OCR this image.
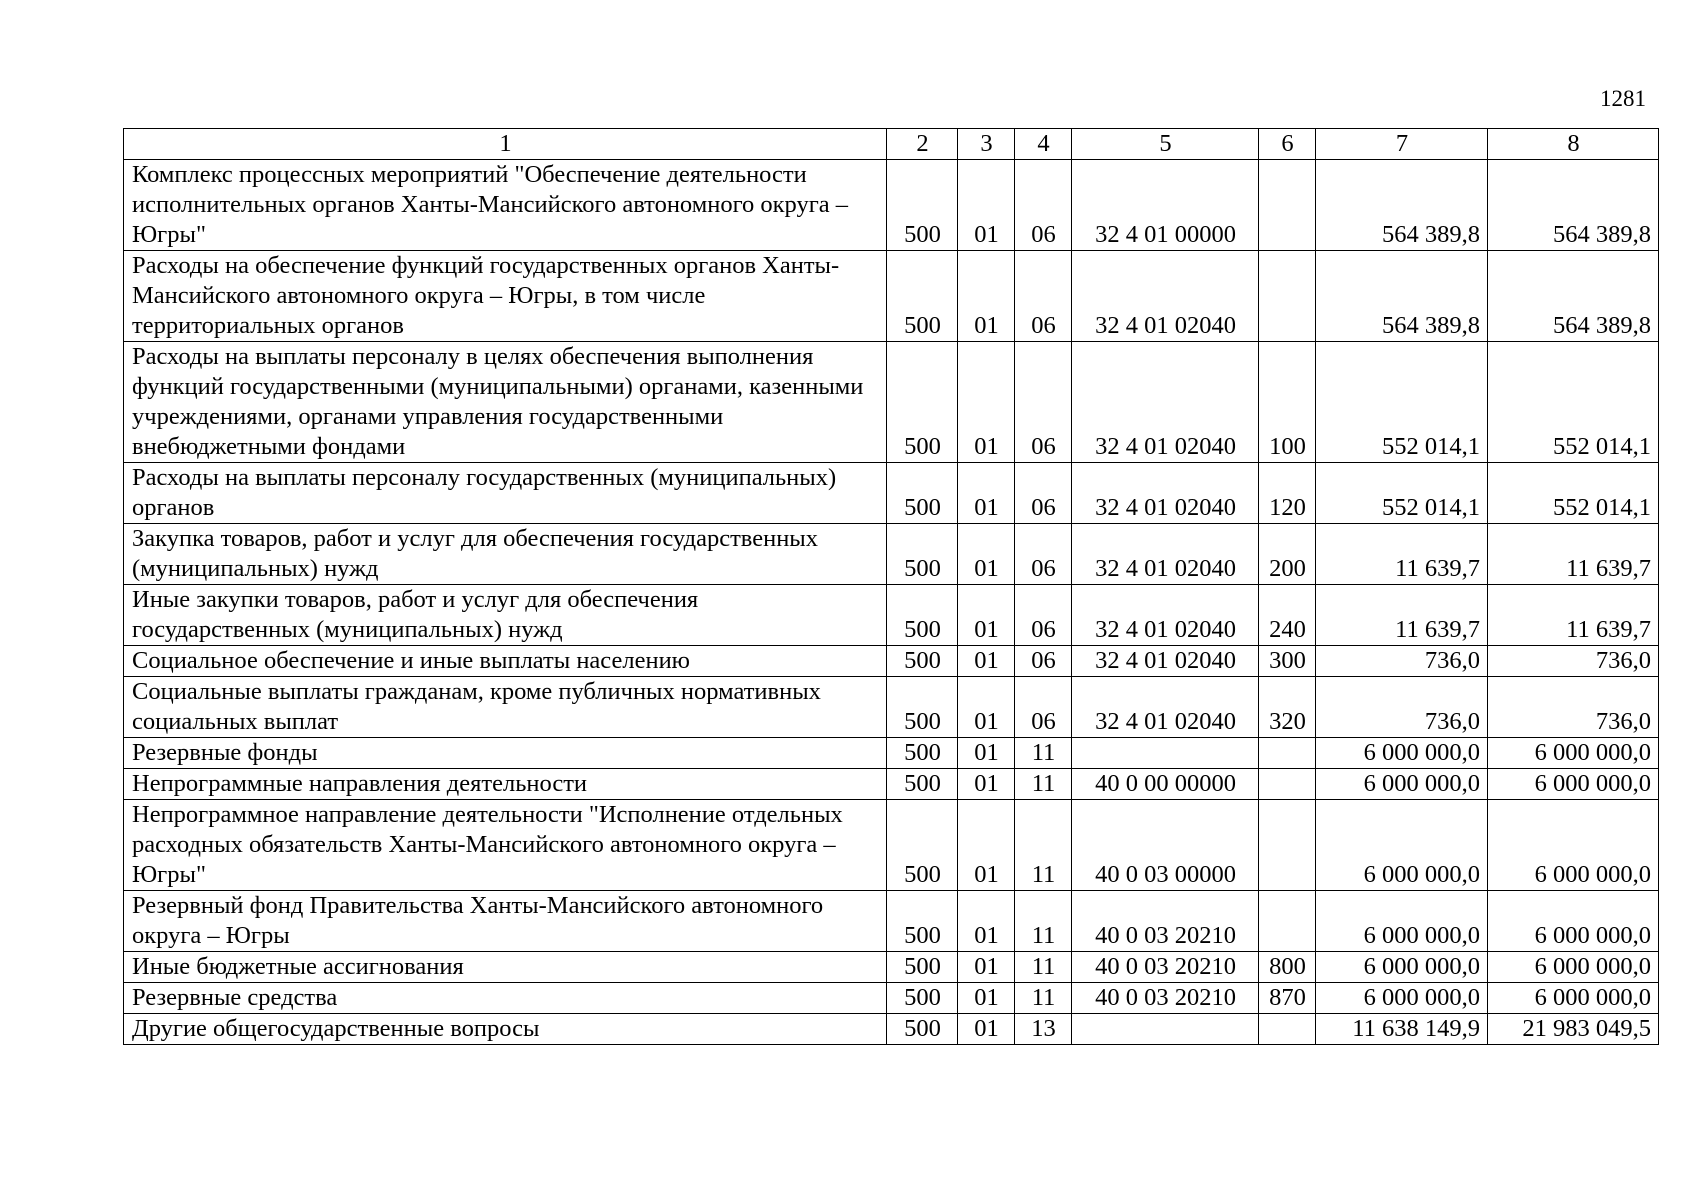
1281
1	2	3	4	5	6	7	8
Комплекс процессных мероприятий "Обеспечение деятельности исполнительных органов Ханты-Мансийского автономного округа – Югры"	500	01	06	32 4 01 00000		564 389,8	564 389,8
Расходы на обеспечение функций государственных органов Ханты-Мансийского автономного округа – Югры, в том числе территориальных органов	500	01	06	32 4 01 02040		564 389,8	564 389,8
Расходы на выплаты персоналу в целях обеспечения выполнения функций государственными (муниципальными) органами, казенными учреждениями, органами управления государственными внебюджетными фондами	500	01	06	32 4 01 02040	100	552 014,1	552 014,1
Расходы на выплаты персоналу государственных (муниципальных) органов	500	01	06	32 4 01 02040	120	552 014,1	552 014,1
Закупка товаров, работ и услуг для обеспечения государственных (муниципальных) нужд	500	01	06	32 4 01 02040	200	11 639,7	11 639,7
Иные закупки товаров, работ и услуг для обеспечения государственных (муниципальных) нужд	500	01	06	32 4 01 02040	240	11 639,7	11 639,7
Социальное обеспечение и иные выплаты населению	500	01	06	32 4 01 02040	300	736,0	736,0
Социальные выплаты гражданам, кроме публичных нормативных социальных выплат	500	01	06	32 4 01 02040	320	736,0	736,0
Резервные фонды	500	01	11			6 000 000,0	6 000 000,0
Непрограммные направления деятельности	500	01	11	40 0 00 00000		6 000 000,0	6 000 000,0
Непрограммное направление деятельности "Исполнение отдельных расходных обязательств Ханты-Мансийского автономного округа – Югры"	500	01	11	40 0 03 00000		6 000 000,0	6 000 000,0
Резервный фонд Правительства Ханты-Мансийского автономного округа – Югры	500	01	11	40 0 03 20210		6 000 000,0	6 000 000,0
Иные бюджетные ассигнования	500	01	11	40 0 03 20210	800	6 000 000,0	6 000 000,0
Резервные средства	500	01	11	40 0 03 20210	870	6 000 000,0	6 000 000,0
Другие общегосударственные вопросы	500	01	13			11 638 149,9	21 983 049,5
